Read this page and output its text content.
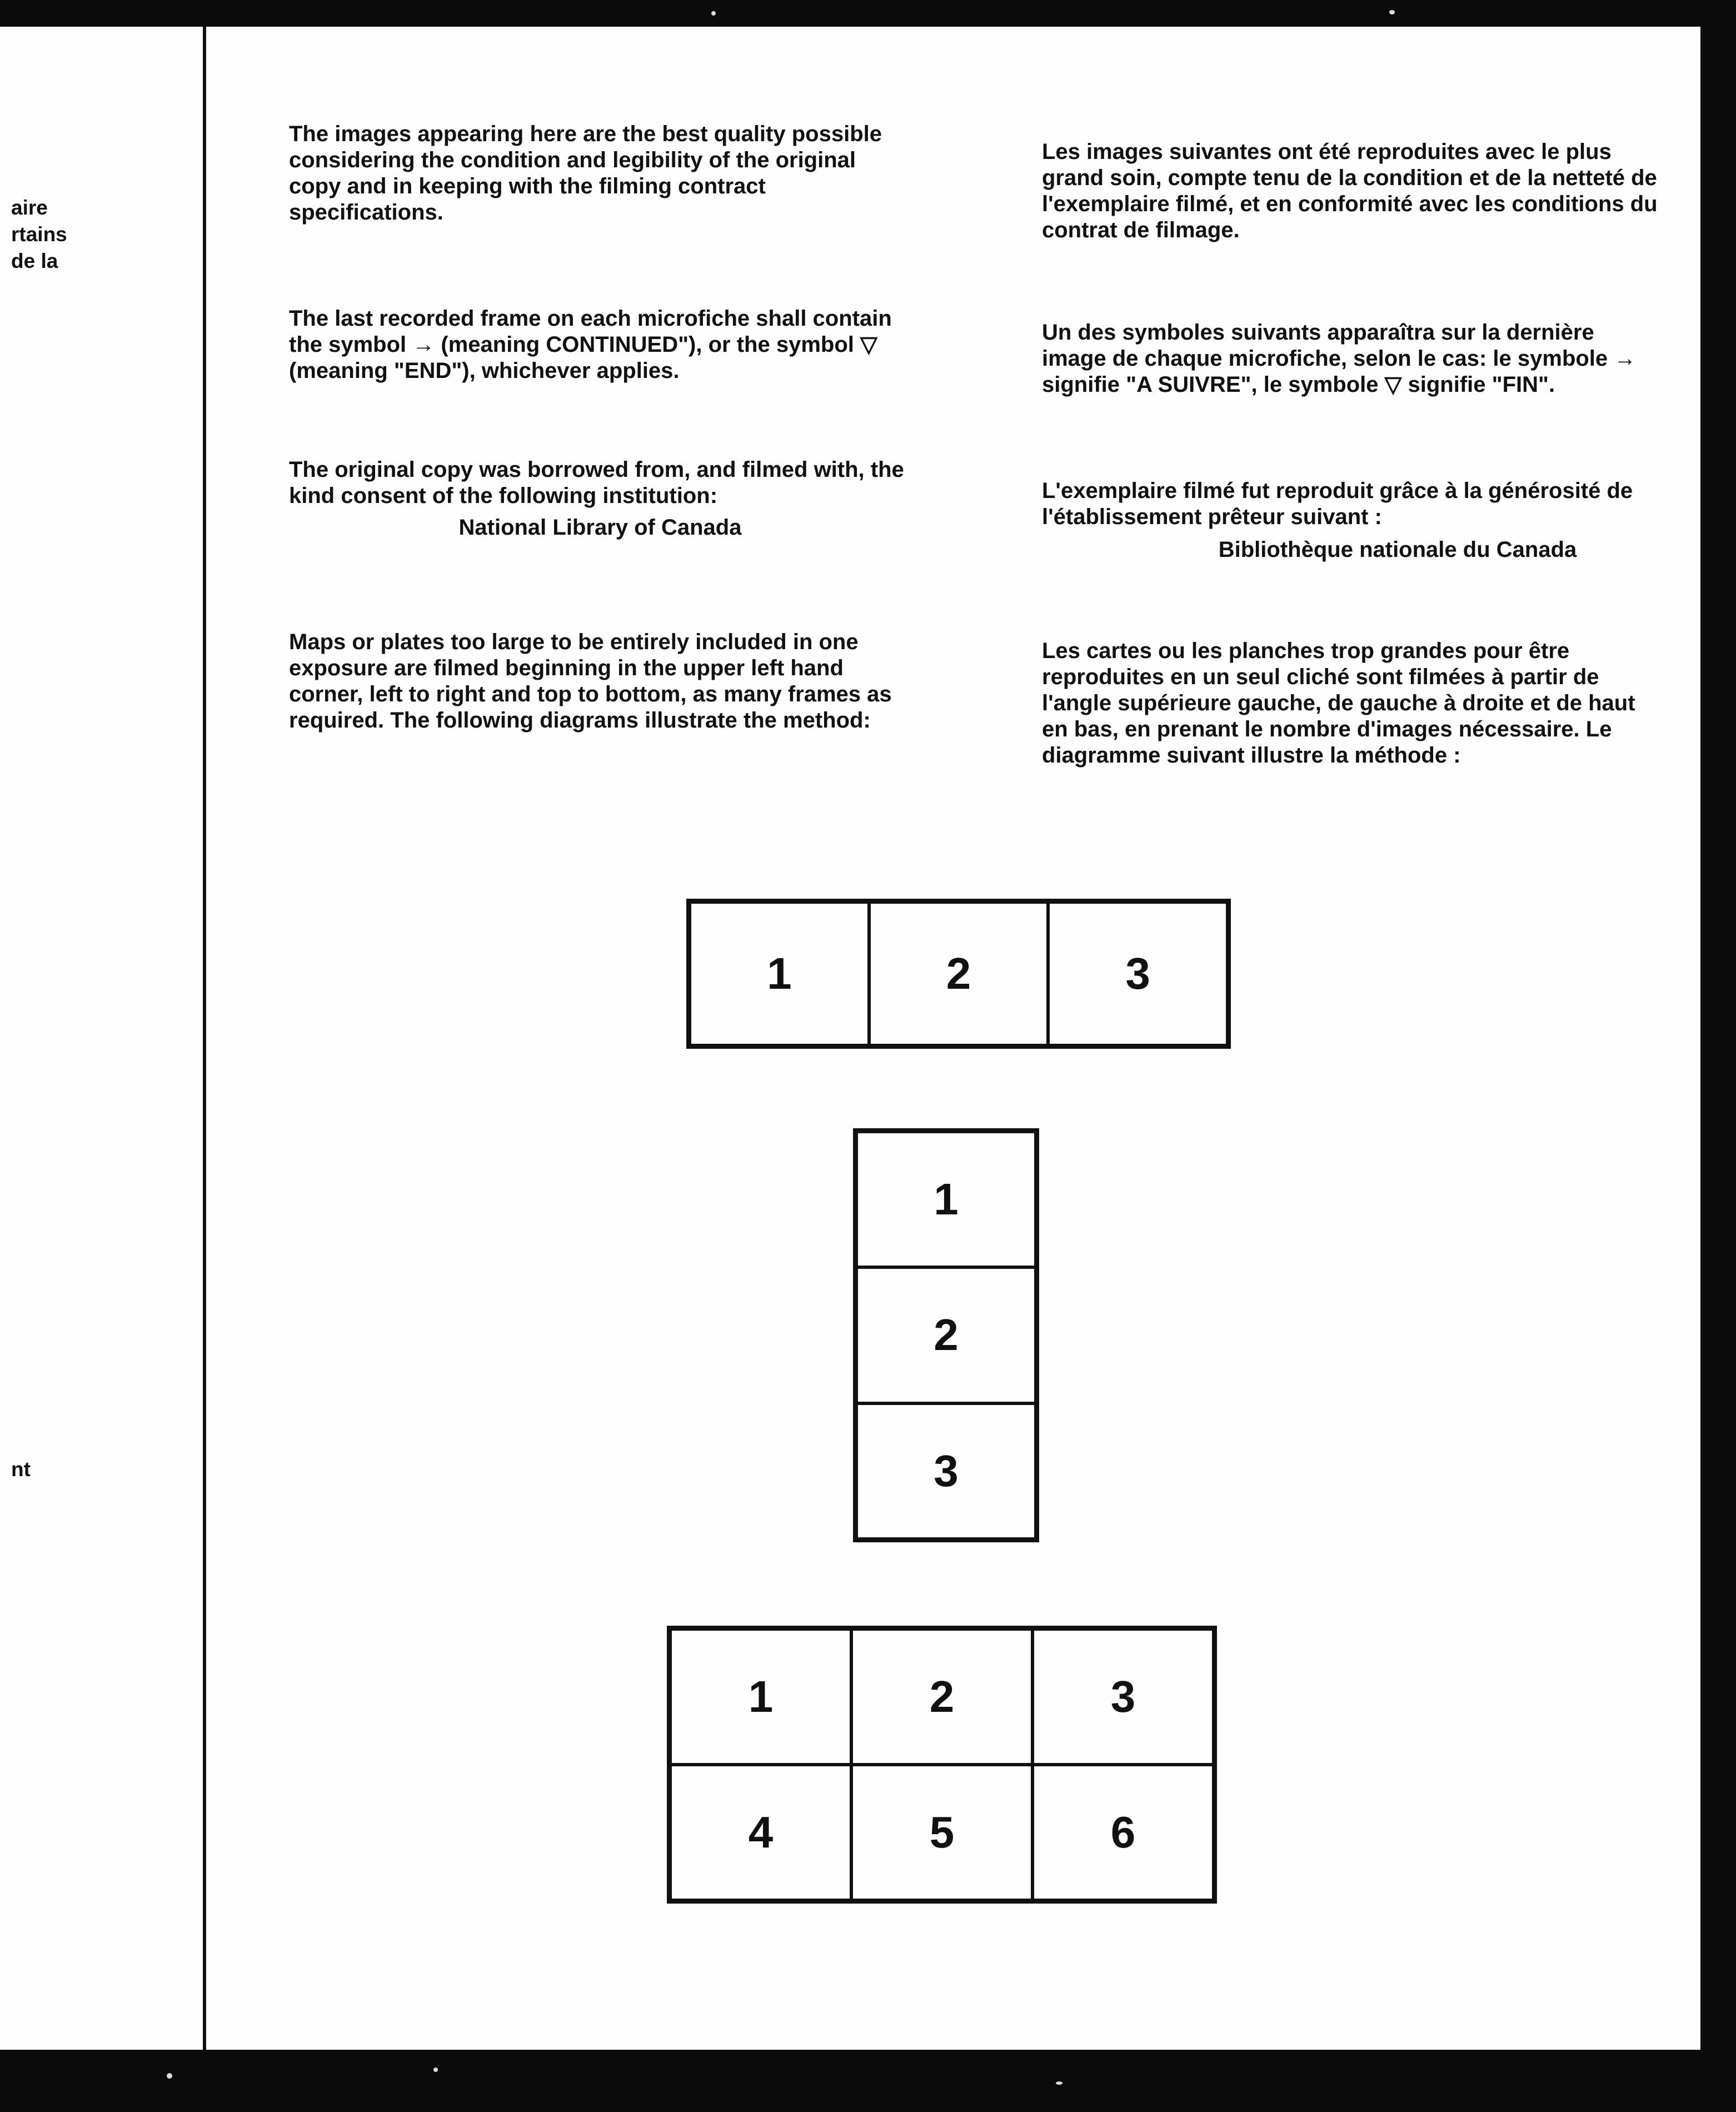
aire
rtains
de la
nt

The images appearing here are the best quality possible considering the condition and legibility of the original copy and in keeping with the filming contract specifications.

The last recorded frame on each microfiche shall contain the symbol → (meaning CONTINUED"), or the symbol ▽ (meaning "END"), whichever applies.

The original copy was borrowed from, and filmed with, the kind consent of the following institution:

National Library of Canada

Maps or plates too large to be entirely included in one exposure are filmed beginning in the upper left hand corner, left to right and top to bottom, as many frames as required. The following diagrams illustrate the method:

Les images suivantes ont été reproduites avec le plus grand soin, compte tenu de la condition et de la netteté de l'exemplaire filmé, et en conformité avec les conditions du contrat de filmage.

Un des symboles suivants apparaîtra sur la dernière image de chaque microfiche, selon le cas: le symbole → signifie "A SUIVRE", le symbole ▽ signifie "FIN".

L'exemplaire filmé fut reproduit grâce à la générosité de l'établissement prêteur suivant :

Bibliothèque nationale du Canada

Les cartes ou les planches trop grandes pour être reproduites en un seul cliché sont filmées à partir de l'angle supérieure gauche, de gauche à droite et de haut en bas, en prenant le nombre d'images nécessaire. Le diagramme suivant illustre la méthode :

1	2	3
1
2
3
1	2	3
4	5	6
